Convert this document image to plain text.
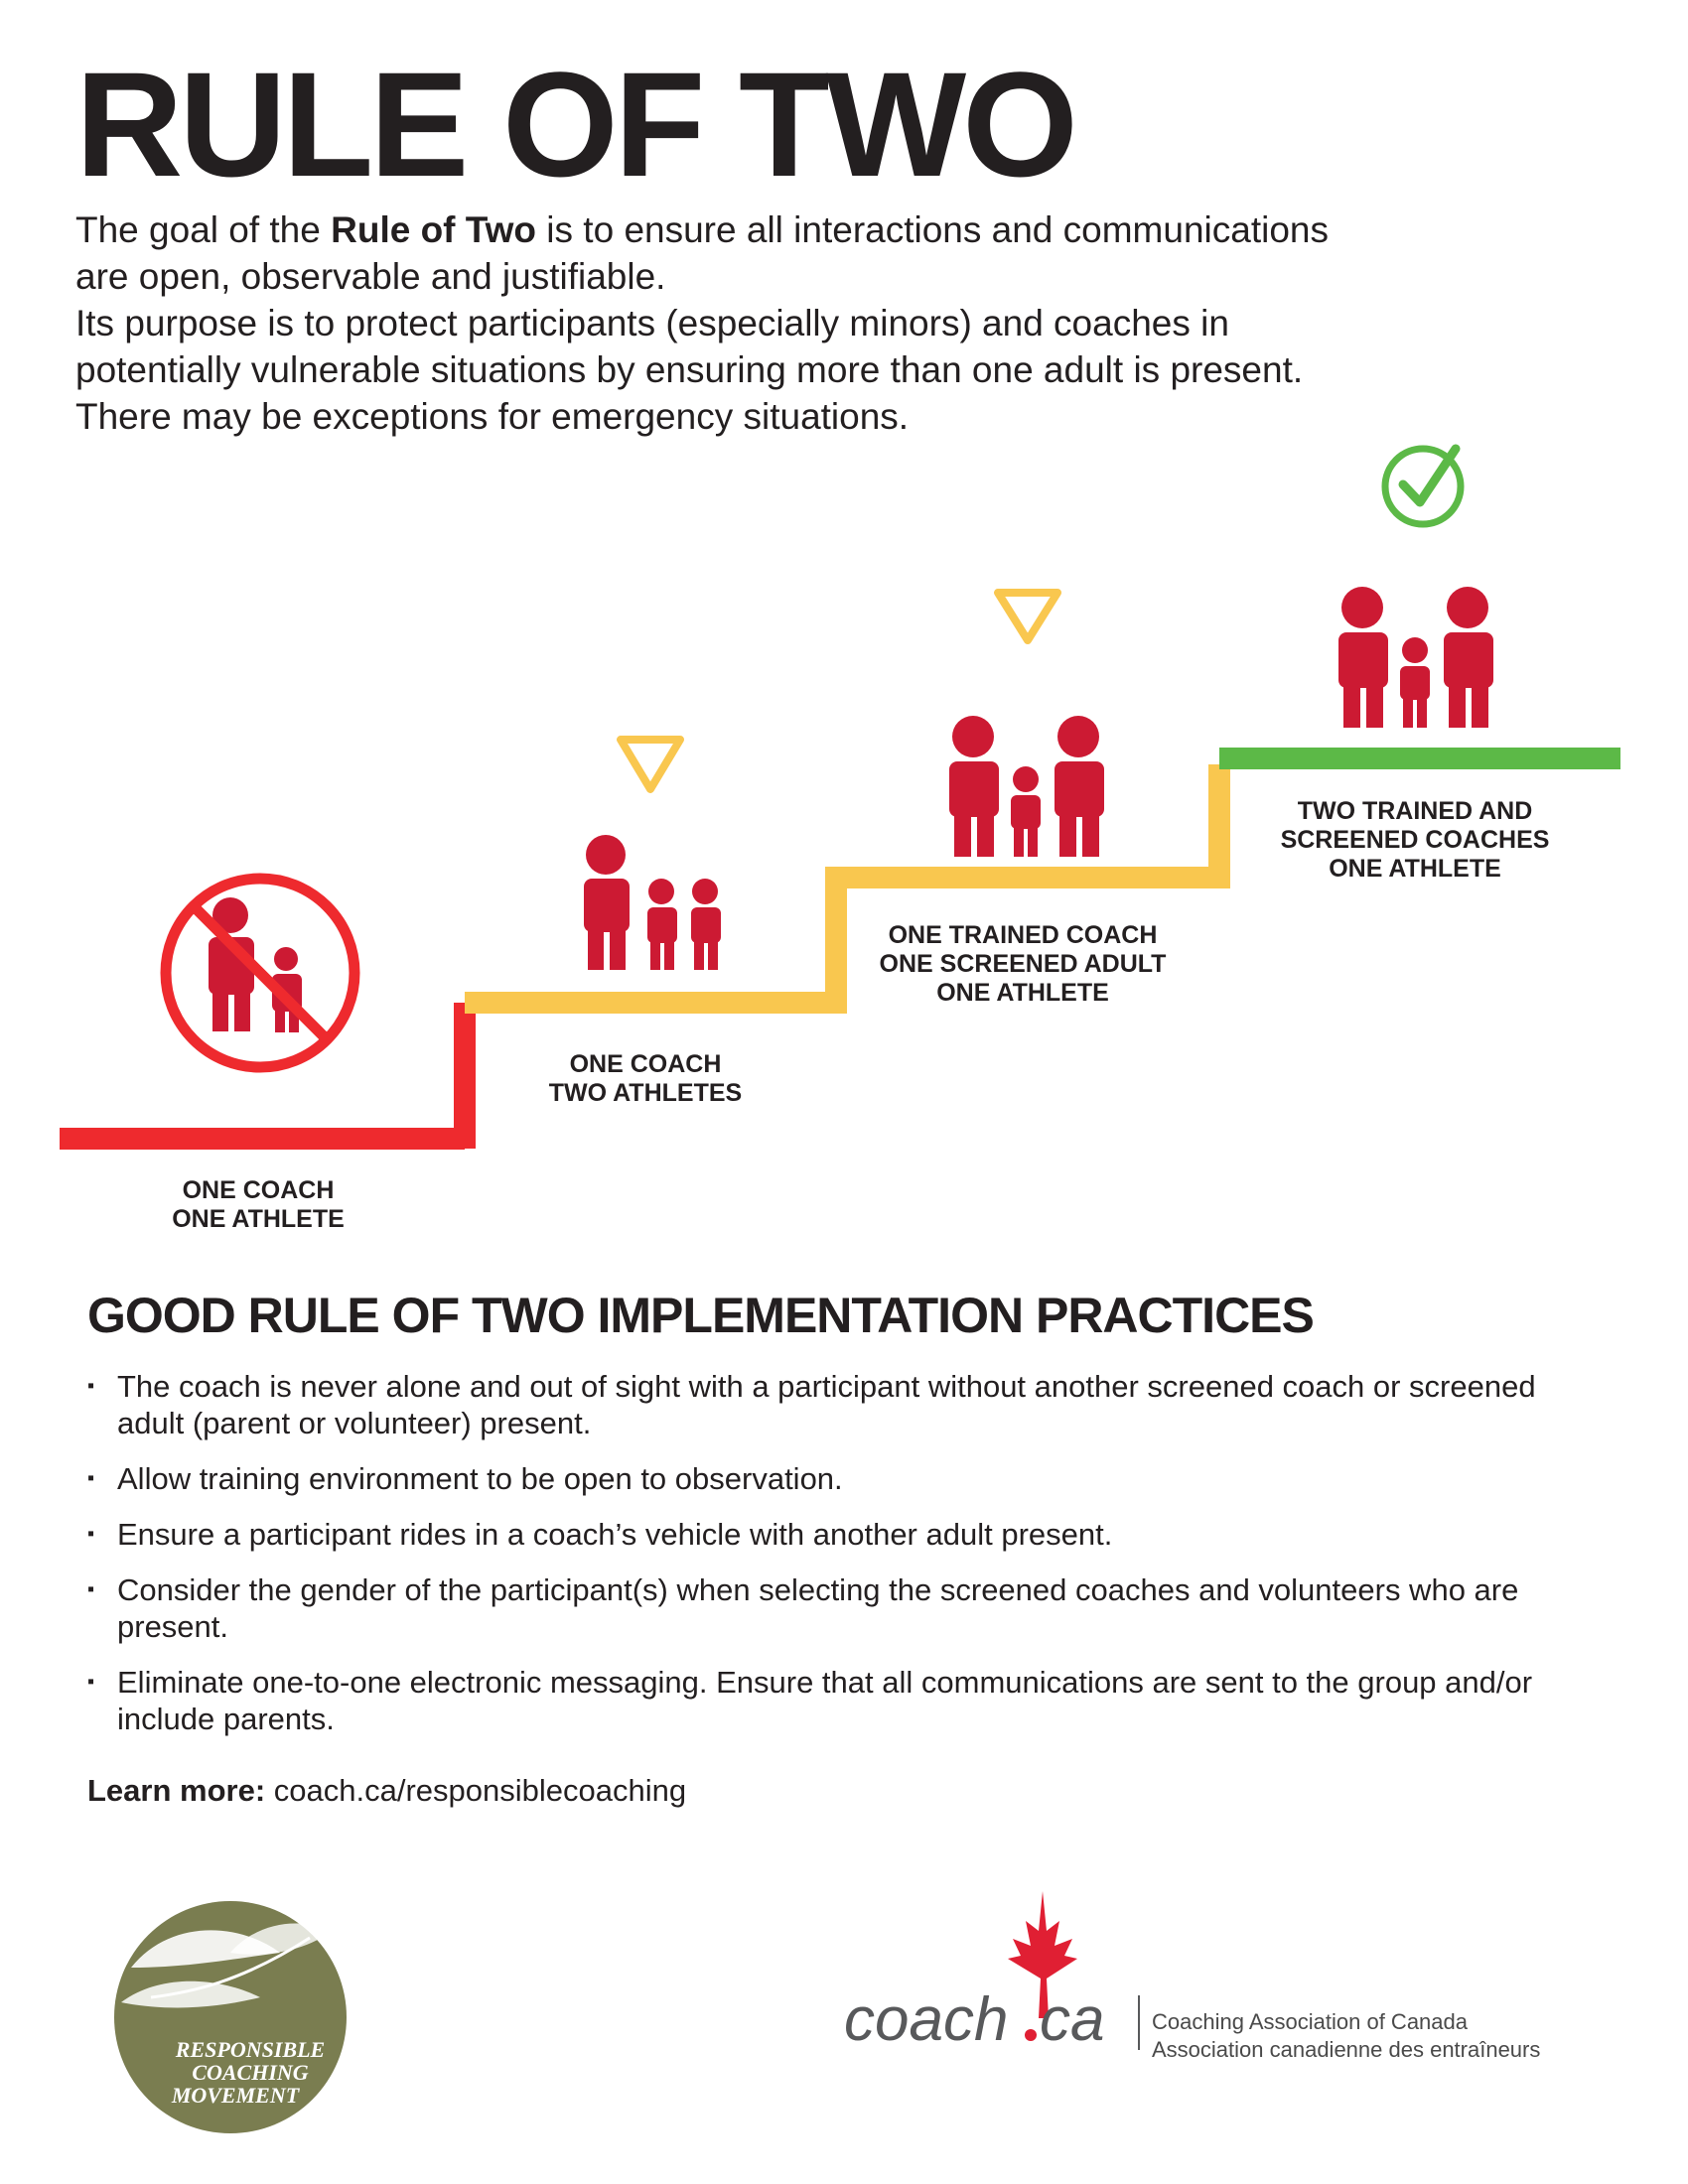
RULE OF TWO
The goal of the Rule of Two is to ensure all interactions and communications are open, observable and justifiable.
Its purpose is to protect participants (especially minors) and coaches in potentially vulnerable situations by ensuring more than one adult is present. There may be exceptions for emergency situations.
ONE COACH
ONE ATHLETE
ONE COACH
TWO ATHLETES
ONE TRAINED COACH
ONE SCREENED ADULT
ONE ATHLETE
TWO TRAINED AND
SCREENED COACHES
ONE ATHLETE
GOOD RULE OF TWO IMPLEMENTATION PRACTICES
▪ The coach is never alone and out of sight with a participant without another screened coach or screened adult (parent or volunteer) present.
▪ Allow training environment to be open to observation.
▪ Ensure a participant rides in a coach’s vehicle with another adult present.
▪ Consider the gender of the participant(s) when selecting the screened coaches and volunteers who are present.
▪ Eliminate one-to-one electronic messaging. Ensure that all communications are sent to the group and/or include parents.
Learn more: coach.ca/responsiblecoaching
RESPONSIBLE
COACHING
MOVEMENT
coach ca Coaching Association of Canada
Association canadienne des entraîneurs
